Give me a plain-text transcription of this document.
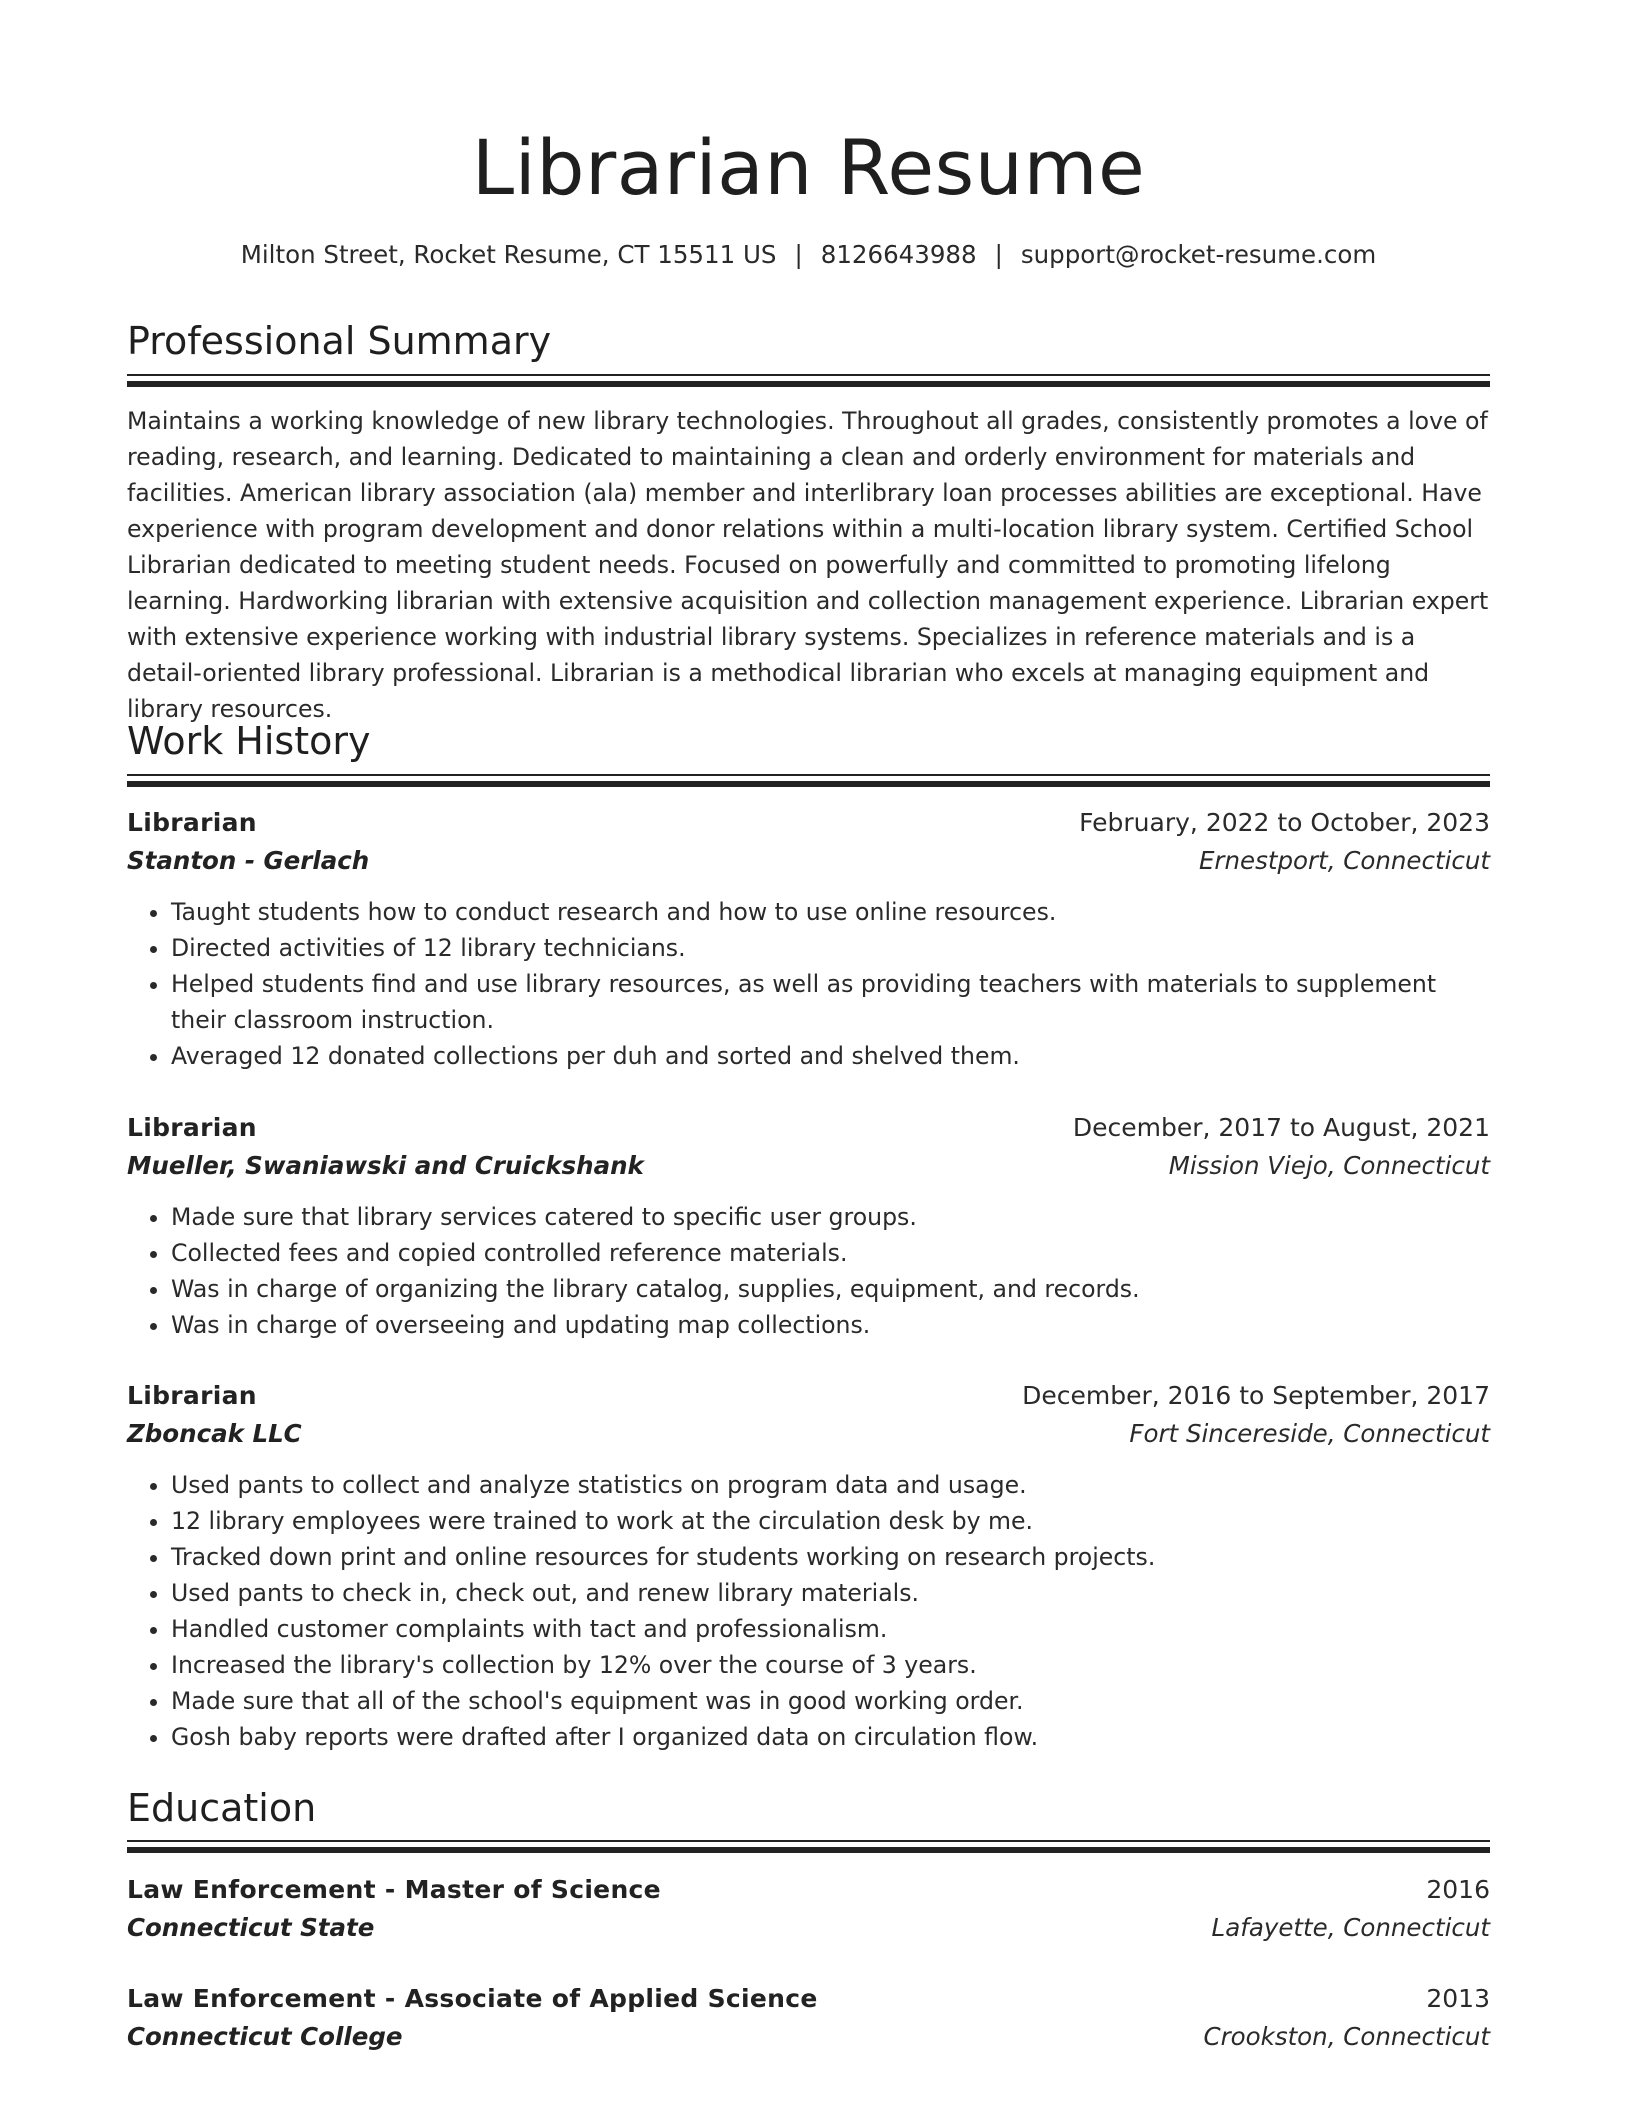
Librarian Resume
Milton Street, Rocket Resume, CT 15511 US | 8126643988 | support@rocket-resume.com
Professional Summary

Maintains a working knowledge of new library technologies. Throughout all grades, consistently promotes a love of reading, research, and learning. Dedicated to maintaining a clean and orderly environment for materials and facilities. American library association (ala) member and interlibrary loan processes abilities are exceptional. Have experience with program development and donor relations within a multi-location library system. Certified School Librarian dedicated to meeting student needs. Focused on powerfully and committed to promoting lifelong learning. Hardworking librarian with extensive acquisition and collection management experience. Librarian expert with extensive experience working with industrial library systems. Specializes in reference materials and is a detail-oriented library professional. Librarian is a methodical librarian who excels at managing equipment and library resources.

Work History
Librarian	February, 2022 to October, 2023
Stanton - Gerlach	Ernestport, Connecticut
• Taught students how to conduct research and how to use online resources.
• Directed activities of 12 library technicians.
• Helped students find and use library resources, as well as providing teachers with materials to supplement their classroom instruction.
• Averaged 12 donated collections per duh and sorted and shelved them.
Librarian	December, 2017 to August, 2021
Mueller, Swaniawski and Cruickshank	Mission Viejo, Connecticut
• Made sure that library services catered to specific user groups.
• Collected fees and copied controlled reference materials.
• Was in charge of organizing the library catalog, supplies, equipment, and records.
• Was in charge of overseeing and updating map collections.
Librarian	December, 2016 to September, 2017
Zboncak LLC	Fort Sincereside, Connecticut
• Used pants to collect and analyze statistics on program data and usage.
• 12 library employees were trained to work at the circulation desk by me.
• Tracked down print and online resources for students working on research projects.
• Used pants to check in, check out, and renew library materials.
• Handled customer complaints with tact and professionalism.
• Increased the library's collection by 12% over the course of 3 years.
• Made sure that all of the school's equipment was in good working order.
• Gosh baby reports were drafted after I organized data on circulation flow.
Education
Law Enforcement - Master of Science	2016
Connecticut State	Lafayette, Connecticut
Law Enforcement - Associate of Applied Science	2013
Connecticut College	Crookston, Connecticut
